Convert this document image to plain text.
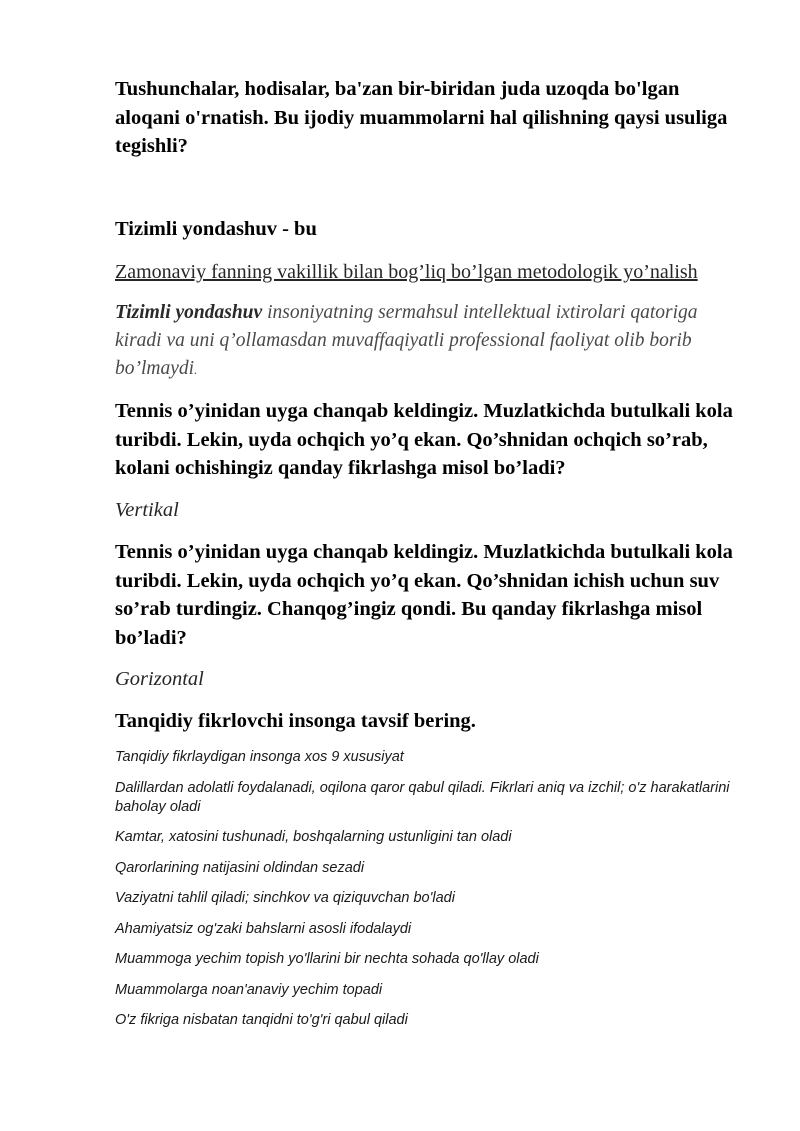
Tushunchalar, hodisalar, ba'zan bir-biridan juda uzoqda bo'lgan aloqani o'rnatish. Bu ijodiy muammolarni hal qilishning qaysi usuliga tegishli?

Tizimli yondashuv - bu

Zamonaviy fanning vakillik bilan bog’liq bo’lgan metodologik yo’nalish

Tizimli yondashuv insoniyatning sermahsul intellektual ixtirolari qatoriga kiradi va uni q’ollamasdan muvaffaqiyatli professional faoliyat olib borib bo’lmaydi.

Tennis o’yinidan uyga chanqab keldingiz. Muzlatkichda butulkali kola turibdi. Lekin, uyda ochqich yo’q ekan. Qo’shnidan ochqich so’rab, kolani ochishingiz qanday fikrlashga misol bo’ladi?

Vertikal

Tennis o’yinidan uyga chanqab keldingiz. Muzlatkichda butulkali kola turibdi. Lekin, uyda ochqich yo’q ekan. Qo’shnidan ichish uchun suv so’rab turdingiz. Chanqog’ingiz qondi. Bu qanday fikrlashga misol bo’ladi?

Gorizontal

Tanqidiy fikrlovchi insonga tavsif bering.

Tanqidiy fikrlaydigan insonga xos 9 xususiyat
Dalillardan adolatli foydalanadi, oqilona qaror qabul qiladi. Fikrlari aniq va izchil; o'z harakatlarini baholay oladi
Kamtar, xatosini tushunadi, boshqalarning ustunligini tan oladi
Qarorlarining natijasini oldindan sezadi
Vaziyatni tahlil qiladi; sinchkov va qiziquvchan bo'ladi
Ahamiyatsiz og'zaki bahslarni asosli ifodalaydi
Muammoga yechim topish yo'llarini bir nechta sohada qo'llay oladi
Muammolarga noan'anaviy yechim topadi
O'z fikriga nisbatan tanqidni to'g'ri qabul qiladi
